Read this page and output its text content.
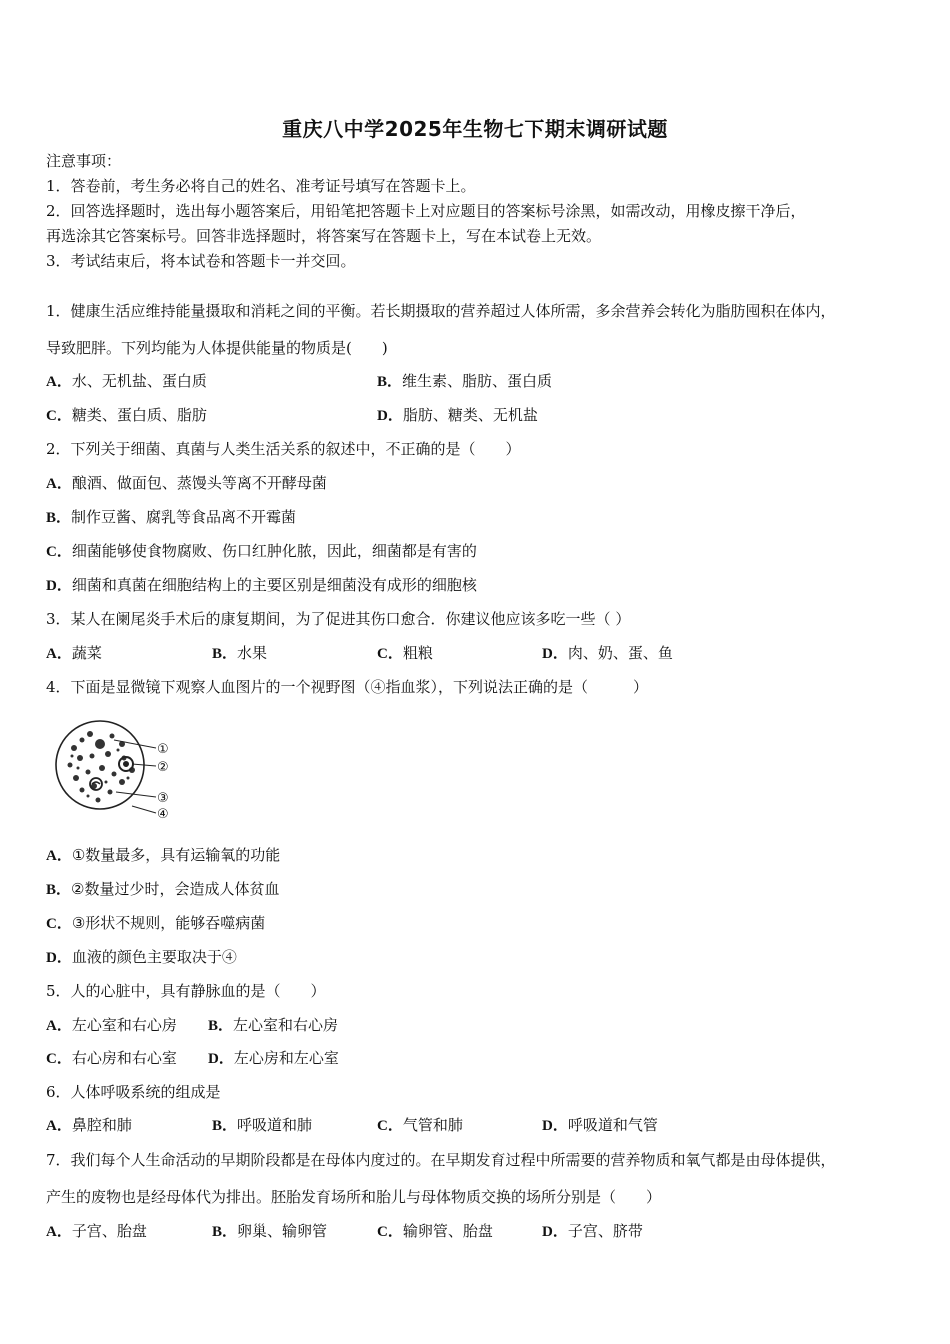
重庆八中学2025年生物七下期末调研试题
注意事项：
1．答卷前，考生务必将自己的姓名、准考证号填写在答题卡上。
2．回答选择题时，选出每小题答案后，用铅笔把答题卡上对应题目的答案标号涂黑，如需改动，用橡皮擦干净后，
再选涂其它答案标号。回答非选择题时，将答案写在答题卡上，写在本试卷上无效。
3．考试结束后，将本试卷和答题卡一并交回。
1．健康生活应维持能量摄取和消耗之间的平衡。若长期摄取的营养超过人体所需，多余营养会转化为脂肪囤积在体内，
导致肥胖。下列均能为人体提供能量的物质是(　　)
A．水、无机盐、蛋白质	B．维生素、脂肪、蛋白质
C．糖类、蛋白质、脂肪	D．脂肪、糖类、无机盐
2．下列关于细菌、真菌与人类生活关系的叙述中，不正确的是（　　）
A．酿酒、做面包、蒸馒头等离不开酵母菌
B．制作豆酱、腐乳等食品离不开霉菌
C．细菌能够使食物腐败、伤口红肿化脓，因此，细菌都是有害的
D．细菌和真菌在细胞结构上的主要区别是细菌没有成形的细胞核
3．某人在阑尾炎手术后的康复期间，为了促进其伤口愈合．你建议他应该多吃一些（ ）
A．蔬菜	B．水果	C．粗粮	D．肉、奶、蛋、鱼
4．下面是显微镜下观察人血图片的一个视野图（④指血浆），下列说法正确的是（　　　）
①
②
③
④
A．①数量最多，具有运输氧的功能
B．②数量过少时，会造成人体贫血
C．③形状不规则，能够吞噬病菌
D．血液的颜色主要取决于④
5．人的心脏中，具有静脉血的是（　　）
A．左心室和右心房 B．左心室和右心房
C．右心房和右心室 D．左心房和左心室
6．人体呼吸系统的组成是
A．鼻腔和肺	B．呼吸道和肺	C．气管和肺	D．呼吸道和气管
7．我们每个人生命活动的早期阶段都是在母体内度过的。在早期发育过程中所需要的营养物质和氧气都是由母体提供，
产生的废物也是经母体代为排出。胚胎发育场所和胎儿与母体物质交换的场所分别是（　　）
A．子宫、胎盘	B．卵巢、输卵管	C．输卵管、胎盘	D．子宫、脐带
